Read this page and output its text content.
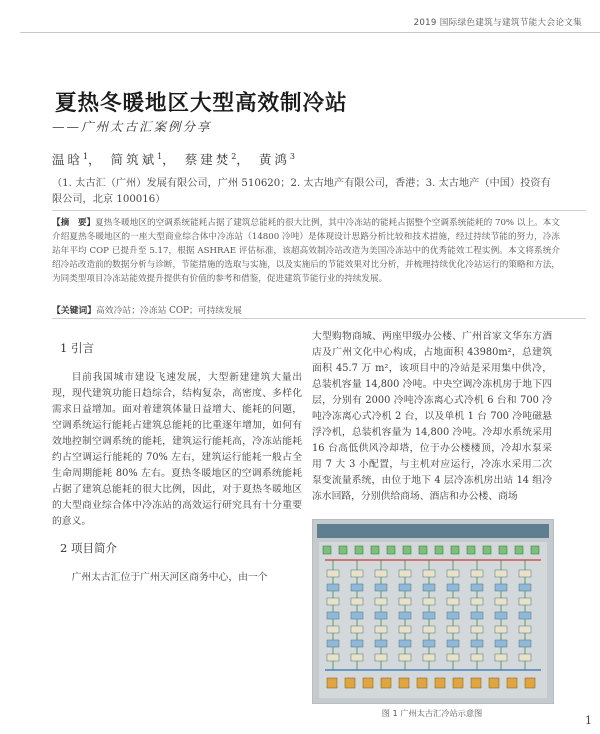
2019 国际绿色建筑与建筑节能大会论文集
夏热冬暖地区大型高效制冷站
——广州太古汇案例分享
温晗$^1$， 简筑斌$^1$， 蔡建焚$^2$， 黄鸿$^3$
（1. 太古汇（广州）发展有限公司，广州 510620；2. 太古地产有限公司，香港；3. 太古地产（中国）投资有限公司，北京 100016）
【摘　要】夏热冬暖地区的空调系统能耗占据了建筑总能耗的很大比例，其中冷冻站的能耗占据整个空调系统能耗的 70% 以上。本文介绍夏热冬暖地区的一座大型商业综合体中冷冻站（14800 冷吨）是体现设计思路分析比较和技术措施，经过持续节能的努力，冷冻站年平均 COP 已提升至 5.17，根据 ASHRAE 评估标准，该超高效制冷站改造为美国冷冻站中的优秀能效工程实例。本文将系统介绍冷站改造前的数据分析与诊断，节能措施的选取与实施，以及实施后的节能效果对比分析，并梳理持续优化冷站运行的策略和方法，为同类型项目冷冻站能效提升提供有价值的参考和借鉴，促进建筑节能行业的持续发展。
【关键词】高效冷站；冷冻站 COP；可持续发展
1 引言

目前我国城市建设飞速发展，大型新建建筑大量出现，现代建筑功能日趋综合，结构复杂，高密度、多样化需求日益增加。面对着建筑体量日益增大、能耗的问题，空调系统运行能耗占建筑总能耗的比重逐年增加，如何有效地控制空调系统的能耗，建筑运行能耗高，冷冻站能耗约占空调运行能耗的 70% 左右，建筑运行能耗一般占全生命周期能耗 80% 左右。夏热冬暖地区的空调系统能耗占据了建筑总能耗的很大比例，因此，对于夏热冬暖地区的大型商业综合体中冷冻站的高效运行研究具有十分重要的意义。

2 项目简介

广州太古汇位于广州天河区商务中心，由一个

大型购物商城、两座甲级办公楼、广州首家文华东方酒店及广州文化中心构成，占地面积 43980m²，总建筑面积 45.7 万 m²，该项目中的冷站是采用集中供冷，总装机容量 14,800 冷吨。中央空调冷冻机房于地下四层，分别有 2000 冷吨冷冻离心式冷机 6 台和 700 冷吨冷冻离心式冷机 2 台，以及单机 1 台 700 冷吨磁悬浮冷机，总装机容量为 14,800 冷吨。冷却水系统采用 16 台高低供风冷却塔，位于办公楼楼顶，冷却水泵采用 7 大 3 小配置，与主机对应运行，冷冻水采用二次泵变流量系统，由位于地下 4 层冷冻机房出站 14 组冷冻水回路，分别供给商场、酒店和办公楼、商场

图 1 广州太古汇冷站示意图
1
